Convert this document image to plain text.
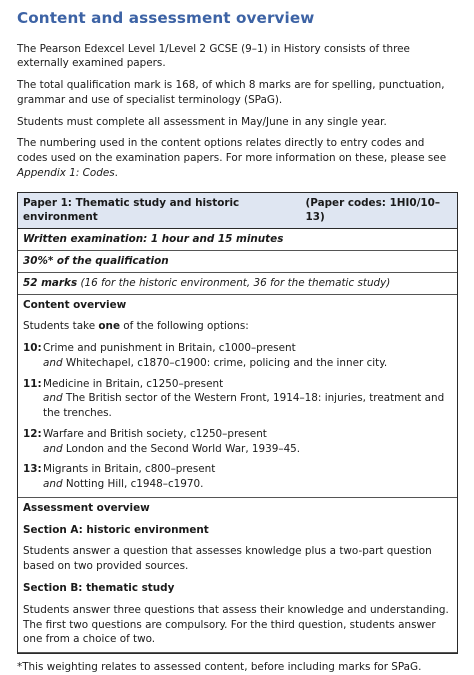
Content and assessment overview

The Pearson Edexcel Level 1/Level 2 GCSE (9–1) in History consists of three externally examined papers.

The total qualification mark is 168, of which 8 marks are for spelling, punctuation, grammar and use of specialist terminology (SPaG).

Students must complete all assessment in May/June in any single year.

The numbering used in the content options relates directly to entry codes and codes used on the examination papers. For more information on these, please see Appendix 1: Codes.

Paper 1: Thematic study and historic environment
(Paper codes: 1HI0/10–13)
Written examination: 1 hour and 15 minutes
30%* of the qualification
52 marks (16 for the historic environment, 36 for the thematic study)
Content overview

Students take one of the following options:

10: Crime and punishment in Britain, c1000–present
and Whitechapel, c1870–c1900: crime, policing and the inner city.
11: Medicine in Britain, c1250–present
and The British sector of the Western Front, 1914–18: injuries, treatment and the trenches.
12: Warfare and British society, c1250–present
and London and the Second World War, 1939–45.
13: Migrants in Britain, c800–present
and Notting Hill, c1948–c1970.
Assessment overview
Section A: historic environment

Students answer a question that assesses knowledge plus a two-part question based on two provided sources.

Section B: thematic study

Students answer three questions that assess their knowledge and understanding. The first two questions are compulsory. For the third question, students answer one from a choice of two.

*This weighting relates to assessed content, before including marks for SPaG.
